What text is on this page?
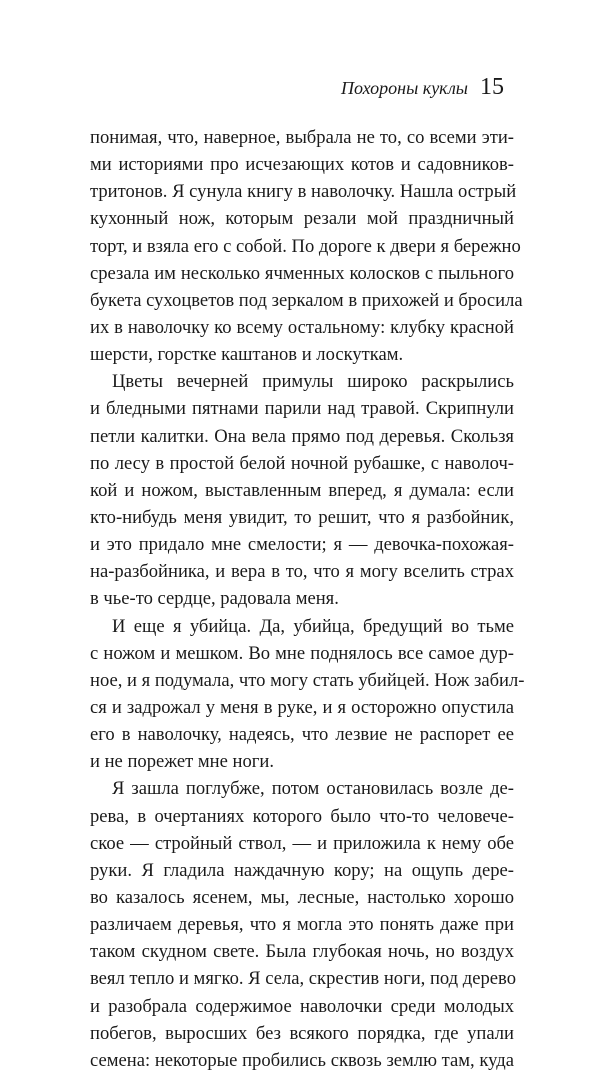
Похороны куклы 15
понимая, что, наверное, выбрала не то, со всеми эти-
ми историями про исчезающих котов и садовников-
тритонов. Я сунула книгу в наволочку. Нашла острый
кухонный нож, которым резали мой праздничный
торт, и взяла его с собой. По дороге к двери я бережно
срезала им несколько ячменных колосков с пыльного
букета сухоцветов под зеркалом в прихожей и бросила
их в наволочку ко всему остальному: клубку красной
шерсти, горстке каштанов и лоскуткам.
Цветы вечерней примулы широко раскрылись
и бледными пятнами парили над травой. Скрипнули
петли калитки. Она вела прямо под деревья. Скользя
по лесу в простой белой ночной рубашке, с наволоч-
кой и ножом, выставленным вперед, я думала: если
кто-нибудь меня увидит, то решит, что я разбойник,
и это придало мне смелости; я — девочка-похожая-
на-разбойника, и вера в то, что я могу вселить страх
в чье-то сердце, радовала меня.
И еще я убийца. Да, убийца, бредущий во тьме
с ножом и мешком. Во мне поднялось все самое дур-
ное, и я подумала, что могу стать убийцей. Нож забил-
ся и задрожал у меня в руке, и я осторожно опустила
его в наволочку, надеясь, что лезвие не распорет ее
и не порежет мне ноги.
Я зашла поглубже, потом остановилась возле де-
рева, в очертаниях которого было что-то человече-
ское — стройный ствол, — и приложила к нему обе
руки. Я гладила наждачную кору; на ощупь дере-
во казалось ясенем, мы, лесные, настолько хорошо
различаем деревья, что я могла это понять даже при
таком скудном свете. Была глубокая ночь, но воздух
веял тепло и мягко. Я села, скрестив ноги, под дерево
и разобрала содержимое наволочки среди молодых
побегов, выросших без всякого порядка, где упали
семена: некоторые пробились сквозь землю там, куда
